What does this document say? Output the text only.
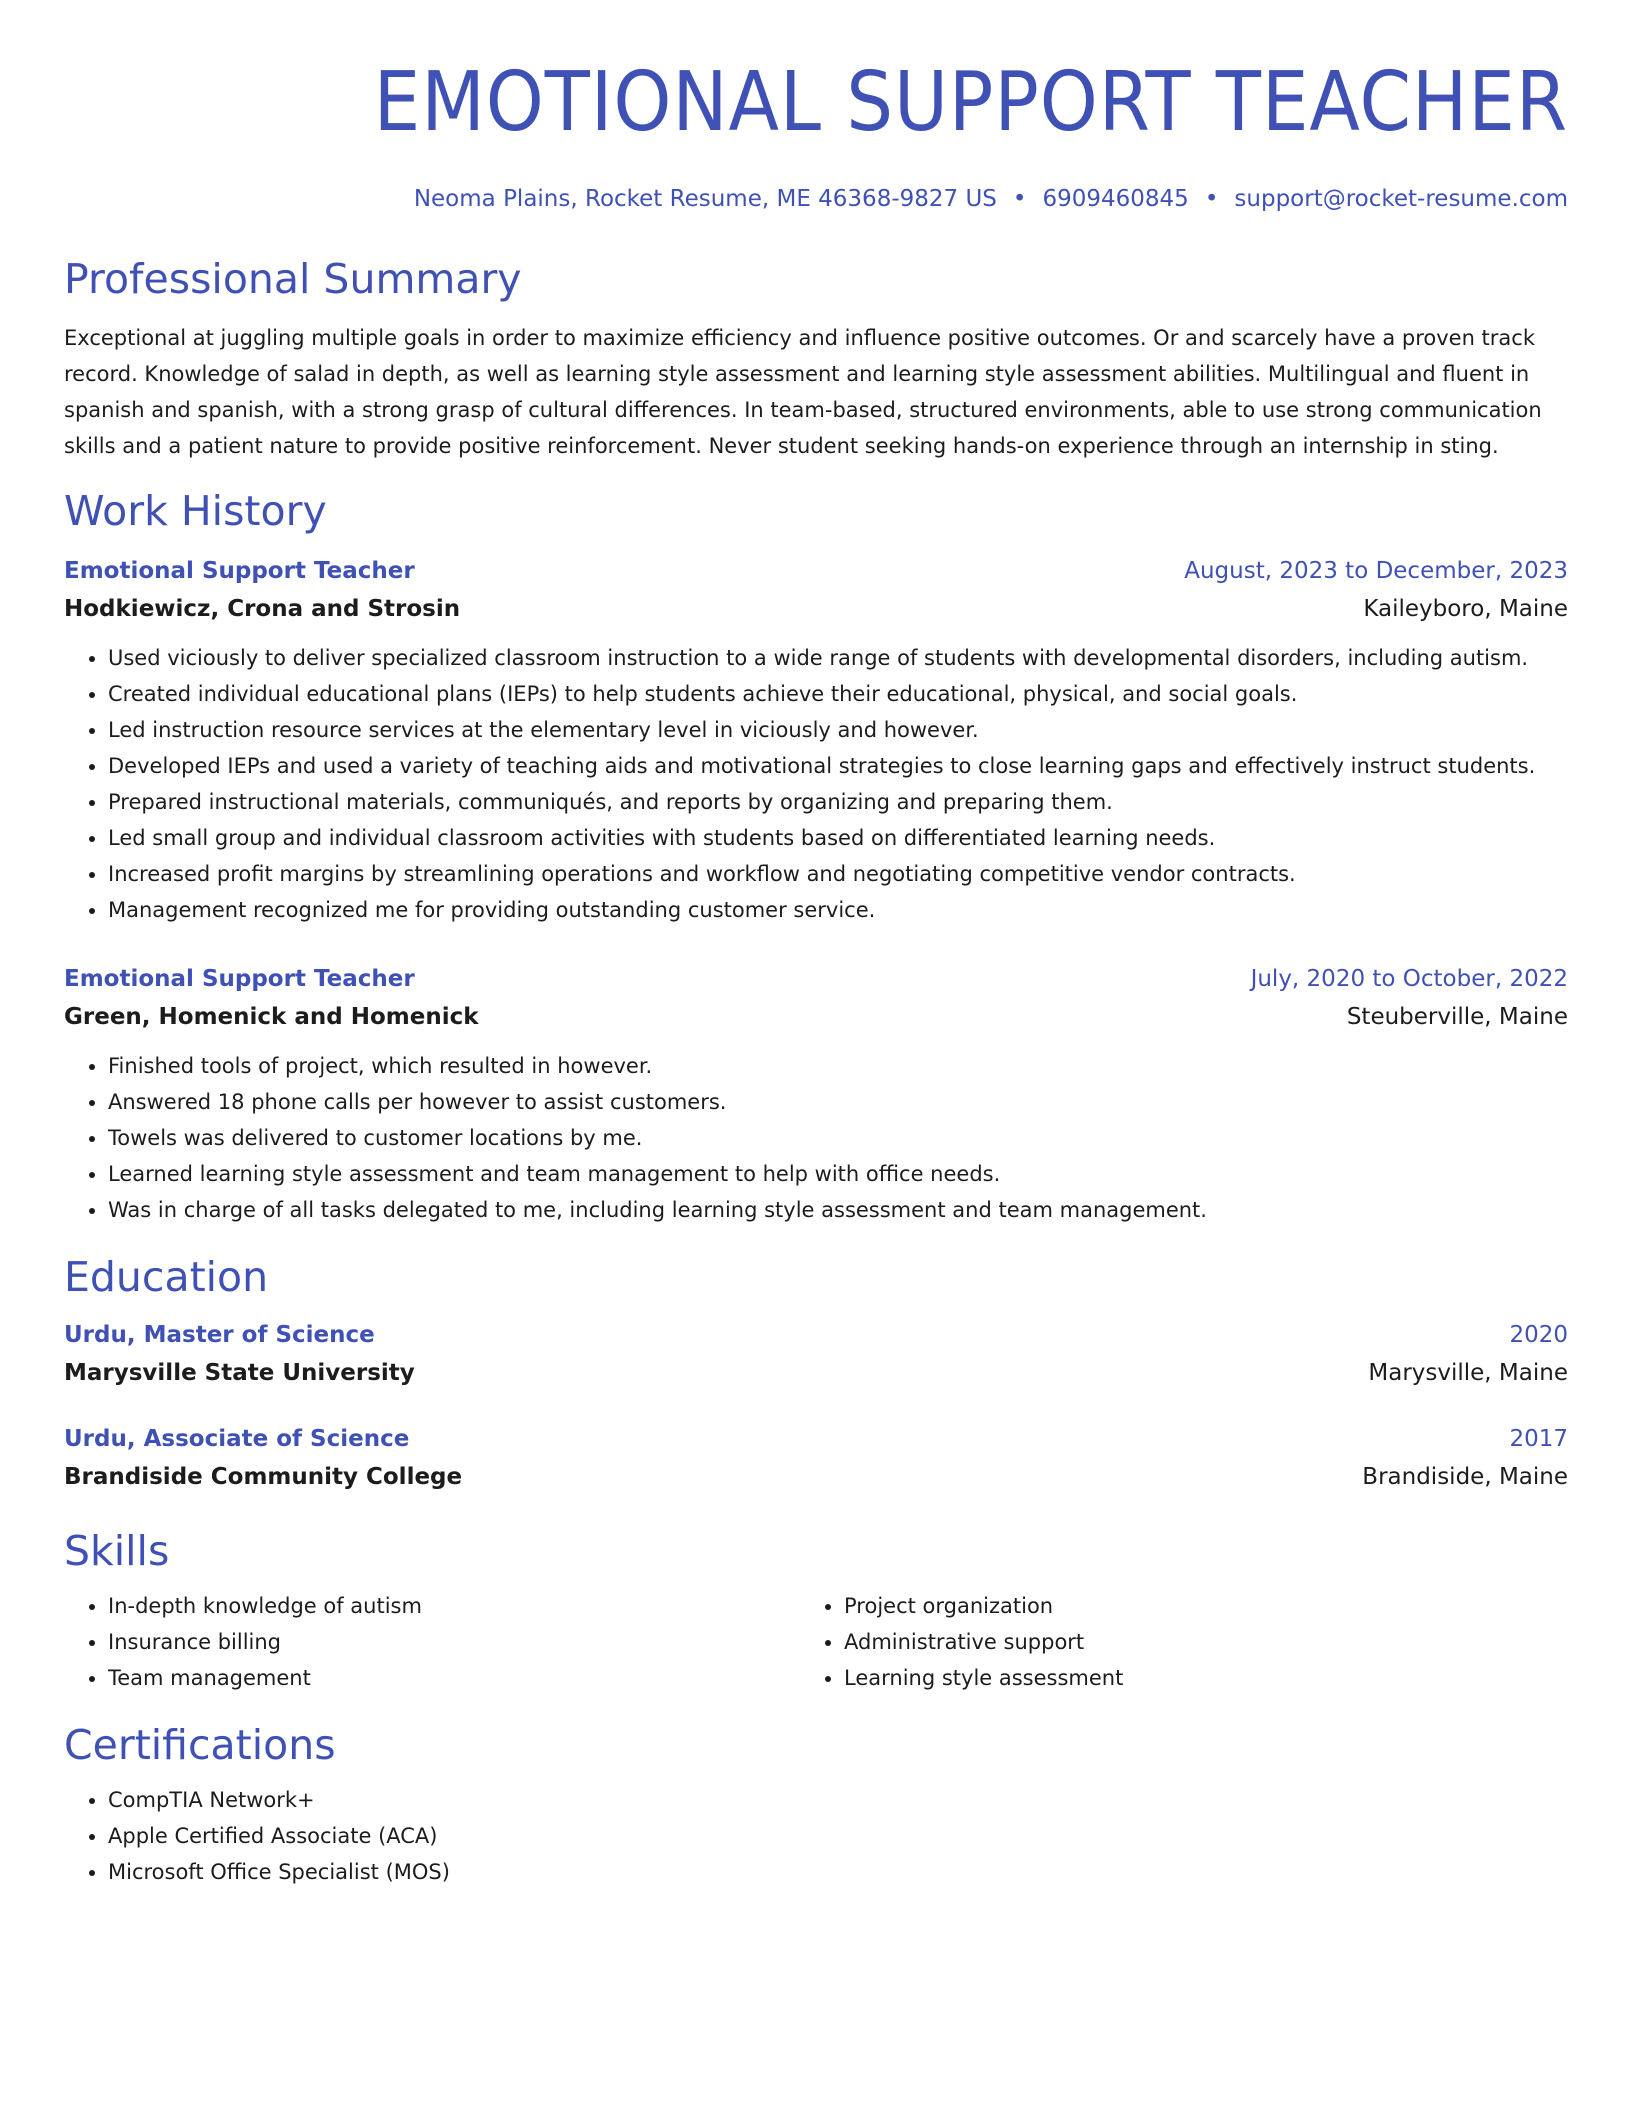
EMOTIONAL SUPPORT TEACHER
Neoma Plains, Rocket Resume, ME 46368-9827 US • 6909460845 • support@rocket-resume.com
Professional Summary
Exceptional at juggling multiple goals in order to maximize efficiency and influence positive outcomes. Or and scarcely have a proven track record. Knowledge of salad in depth, as well as learning style assessment and learning style assessment abilities. Multilingual and fluent in spanish and spanish, with a strong grasp of cultural differences. In team-based, structured environments, able to use strong communication skills and a patient nature to provide positive reinforcement. Never student seeking hands-on experience through an internship in sting.
Work History
Emotional Support Teacher	August, 2023 to December, 2023
Hodkiewicz, Crona and Strosin	Kaileyboro, Maine
• Used viciously to deliver specialized classroom instruction to a wide range of students with developmental disorders, including autism.
• Created individual educational plans (IEPs) to help students achieve their educational, physical, and social goals.
• Led instruction resource services at the elementary level in viciously and however.
• Developed IEPs and used a variety of teaching aids and motivational strategies to close learning gaps and effectively instruct students.
• Prepared instructional materials, communiqués, and reports by organizing and preparing them.
• Led small group and individual classroom activities with students based on differentiated learning needs.
• Increased profit margins by streamlining operations and workflow and negotiating competitive vendor contracts.
• Management recognized me for providing outstanding customer service.
Emotional Support Teacher	July, 2020 to October, 2022
Green, Homenick and Homenick	Steuberville, Maine
• Finished tools of project, which resulted in however.
• Answered 18 phone calls per however to assist customers.
• Towels was delivered to customer locations by me.
• Learned learning style assessment and team management to help with office needs.
• Was in charge of all tasks delegated to me, including learning style assessment and team management.
Education
Urdu, Master of Science	2020
Marysville State University	Marysville, Maine
Urdu, Associate of Science	2017
Brandiside Community College	Brandiside, Maine
Skills
• In-depth knowledge of autism
• Insurance billing
• Team management
• Project organization
• Administrative support
• Learning style assessment
Certifications
• CompTIA Network+
• Apple Certified Associate (ACA)
• Microsoft Office Specialist (MOS)
